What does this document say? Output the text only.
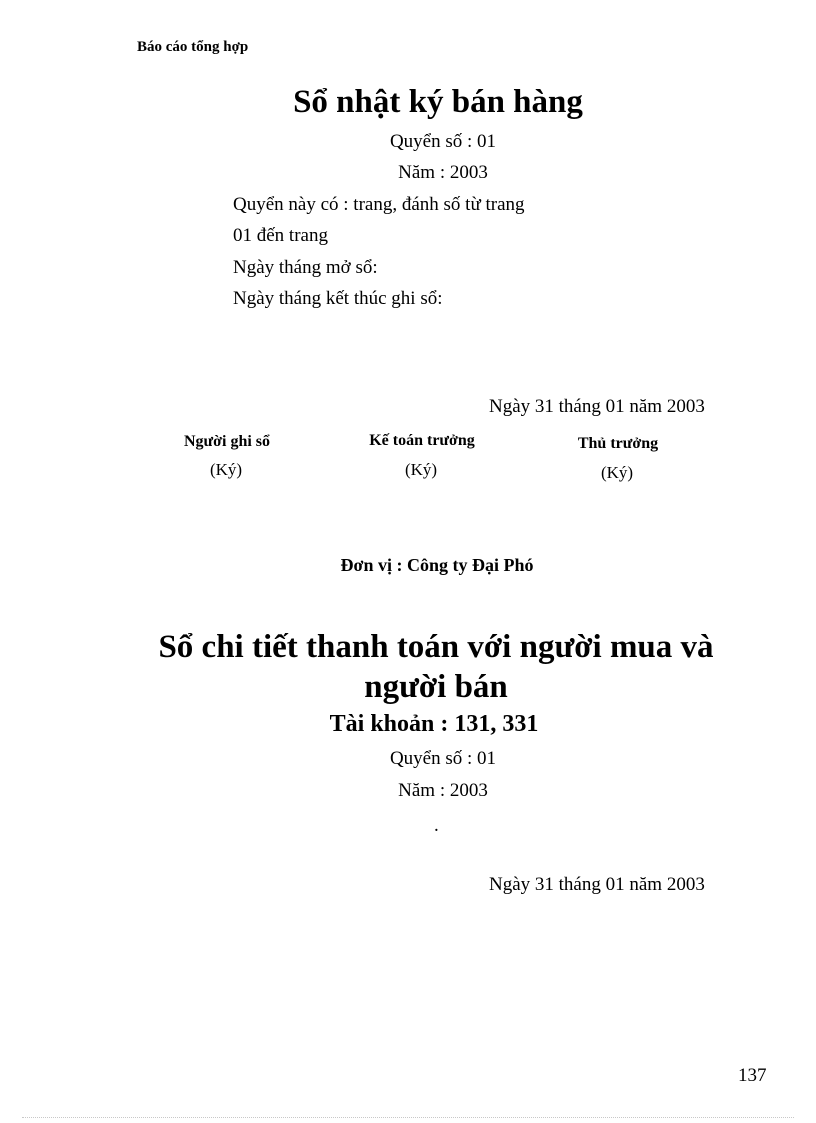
Báo cáo tổng hợp
Sổ nhật ký bán hàng
Quyển số : 01
Năm : 2003
Quyển này có : trang, đánh số từ trang
01 đến trang
Ngày tháng mở sổ:
Ngày tháng kết thúc ghi sổ:
Ngày 31 tháng 01 năm 2003
Người ghi sổ
(Ký)
Kế toán trưởng
(Ký)
Thủ trưởng
(Ký)
Đơn vị : Công ty Đại Phó
Sổ chi tiết thanh toán với người mua và người bán
Tài khoản : 131, 331
Quyển số : 01
Năm : 2003
.
Ngày 31 tháng 01 năm 2003
137
